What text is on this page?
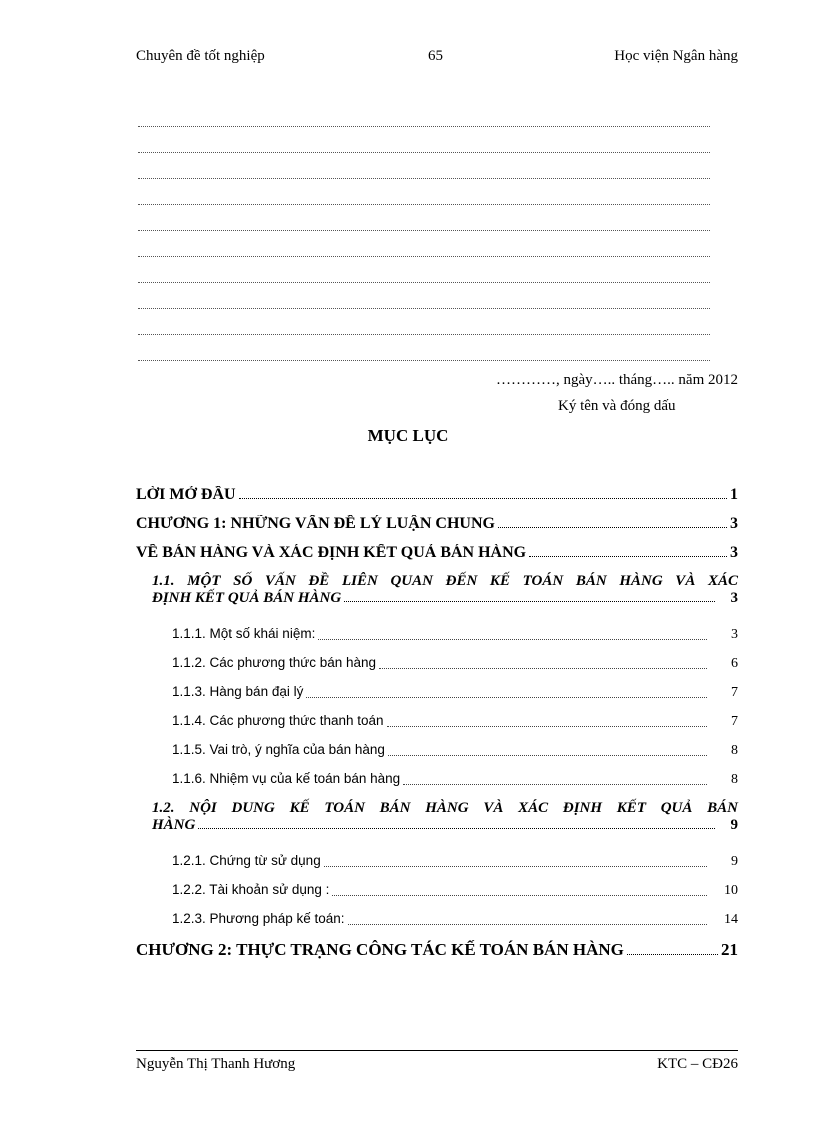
Chuyên đề tốt nghiệp	65	Học viện Ngân hàng
…………, ngày….. tháng….. năm 2012
Ký tên và đóng dấu
MỤC LỤC
LỜI MỞ ĐẦU	1
CHƯƠNG 1: NHỮNG VẤN ĐỀ LÝ LUẬN CHUNG	3
VỀ BÁN HÀNG VÀ XÁC ĐỊNH KẾT QUẢ BÁN HÀNG	3
1.1. MỘT SỐ VẤN ĐỀ LIÊN QUAN ĐẾN KẾ TOÁN BÁN HÀNG VÀ XÁC
ĐỊNH KẾT QUẢ BÁN HÀNG	3
1.1.1. Một số khái niệm:	3
1.1.2. Các phương thức bán hàng	6
1.1.3. Hàng bán đại lý	7
1.1.4. Các phương thức thanh toán	7
1.1.5. Vai trò, ý nghĩa của bán hàng	8
1.1.6. Nhiệm vụ của kế toán bán hàng	8
1.2. NỘI DUNG KẾ TOÁN BÁN HÀNG VÀ XÁC ĐỊNH KẾT QUẢ BÁN
HÀNG	9
1.2.1. Chứng từ sử dụng	9
1.2.2. Tài khoản sử dụng :	10
1.2.3. Phương pháp kế toán:	14
CHƯƠNG 2: THỰC TRẠNG CÔNG TÁC KẾ TOÁN BÁN HÀNG	21
Nguyễn Thị Thanh Hương	KTC – CĐ26
